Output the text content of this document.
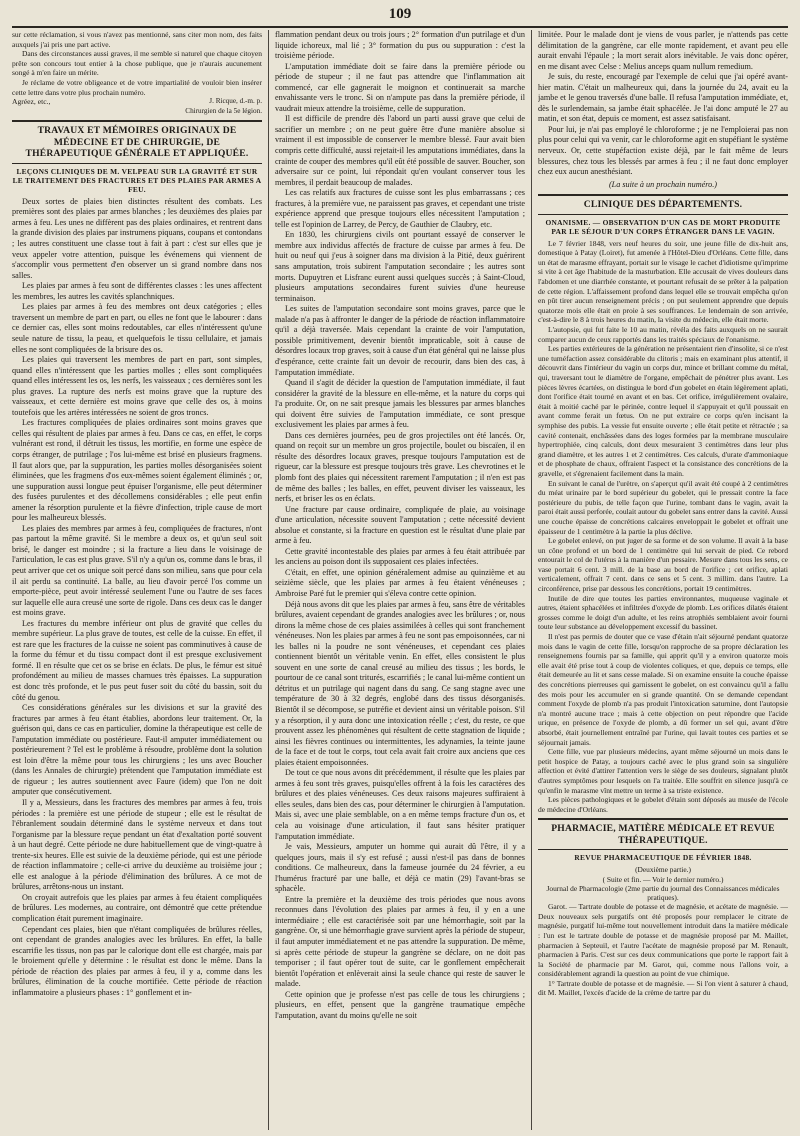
109

sur cette réclamation, si vous n'avez pas mentionné, sans citer mon nom, des faits auxquels j'ai pris une part active.

Dans des circonstances aussi graves, il me semble si naturel que chaque citoyen prête son concours tout entier à la chose publique, que je n'aurais aucunement songé à m'en faire un mérite.

Je réclame de votre obligeance et de votre impartialité de vouloir bien insérer cette lettre dans votre plus prochain numéro.

Agréez, etc.,	J. Ricque, d.-m. p.
Chirurgien de la 5e légion.
TRAVAUX ET MÉMOIRES ORIGINAUX DE MÉDECINE ET DE CHIRURGIE, DE THÉRAPEUTIQUE GÉNÉRALE ET APPLIQUÉE.
LEÇONS CLINIQUES DE M. VELPEAU SUR LA GRAVITÉ ET SUR LE TRAITEMENT DES FRACTURES ET DES PLAIES PAR ARMES A FEU.

Deux sortes de plaies bien distinctes résultent des combats. Les premières sont des plaies par armes blanches ; les deuxièmes des plaies par armes à feu. Les unes ne diffèrent pas des plaies ordinaires, et rentrent dans la grande division des plaies par instrumens piquans, coupans et contondans ; les autres constituent une classe tout à fait à part : c'est sur elles que je veux appeler votre attention, puisque les événemens qui viennent de s'accomplir vous permettent d'en observer un si grand nombre dans nos salles.

Les plaies par armes à feu sont de différentes classes : les unes affectent les membres, les autres les cavités splanchniques.

Les plaies par armes à feu des membres ont deux catégories ; elles traversent un membre de part en part, ou elles ne font que le labourer : dans ce dernier cas, elles sont moins redoutables, car elles n'intéressent qu'une seule nature de tissu, la peau, et quelquefois le tissu cellulaire, et jamais elles ne sont compliquées de la brisure des os.

Les plaies qui traversent les membres de part en part, sont simples, quand elles n'intéressent que les parties molles ; elles sont compliquées quand elles intéressent les os, les nerfs, les vaisseaux ; ces dernières sont les plus graves. La rupture des nerfs est moins grave que la rupture des vaisseaux, et cette dernière est moins grave que celle des os, à moins toutefois que les artères intéressées ne soient de gros troncs.

Les fractures compliquées de plaies ordinaires sont moins graves que celles qui résultent de plaies par armes à feu. Dans ce cas, en effet, le corps vulnérant est rond, il détruit les tissus, les mortifie, en forme une espèce de corps étranger, de putrilage ; l'os lui-même est brisé en plusieurs fragmens. Il faut alors que, par la suppuration, les parties molles désorganisées soient éliminées, que les fragmens d'os eux-mêmes soient également éliminés ; or, une suppuration aussi longue peut épuiser l'organisme, elle peut déterminer des fusées purulentes et des décollemens considérables ; elle peut enfin amener la résorption purulente et la fièvre d'infection, triple cause de mort pour les malheureux blessés.

Les plaies des membres par armes à feu, compliquées de fractures, n'ont pas partout la même gravité. Si le membre a deux os, et qu'un seul soit brisé, le danger est moindre ; si la fracture a lieu dans le voisinage de l'articulation, le cas est plus grave. S'il n'y a qu'un os, comme dans le bras, il peut arriver que cet os unique soit percé dans son milieu, sans que pour cela il ait perdu sa continuité. La balle, au lieu d'avoir percé l'os comme un emporte-pièce, peut avoir intéressé seulement l'une ou l'autre de ses faces sur laquelle elle aura creusé une sorte de rigole. Dans ces deux cas le danger est moins grave.

Les fractures du membre inférieur ont plus de gravité que celles du membre supérieur. La plus grave de toutes, est celle de la cuisse. En effet, il est rare que les fractures de la cuisse ne soient pas comminutives à cause de la forme du fémur et du tissu compact dont il est presque exclusivement formé. Il en résulte que cet os se brise en éclats. De plus, le fémur est situé profondément au milieu de masses charnues très épaisses. La suppuration est donc très profonde, et le pus peut fuser soit du côté du bassin, soit du côté du genou.

Ces considérations générales sur les divisions et sur la gravité des fractures par armes à feu étant établies, abordons leur traitement. Or, la guérison qui, dans ce cas en particulier, domine la thérapeutique est celle de l'amputation immédiate ou postérieure. Faut-il amputer immédiatement ou postérieurement ? Tel est le problème à résoudre, problème dont la solution est loin d'être la même pour tous les chirurgiens ; les uns avec Boucher (dans les Annales de chirurgie) prétendent que l'amputation immédiate est de rigueur ; les autres soutiennent avec Faure (idem) que l'on ne doit amputer que consécutivement.

Il y a, Messieurs, dans les fractures des membres par armes à feu, trois périodes : la première est une période de stupeur ; elle est le résultat de l'ébranlement soudain déterminé dans le système nerveux et dans tout l'organisme par la blessure reçue pendant un état d'exaltation porté souvent à un haut degré. Cette période ne dure habituellement que de vingt-quatre à trente-six heures. Elle est suivie de la deuxième période, qui est une période de réaction inflammatoire ; celle-ci arrive du deuxième au troisième jour ; elle est analogue à la période d'élimination des brûlures. A ce mot de brûlures, arrêtons-nous un instant.

On croyait autrefois que les plaies par armes à feu étaient compliquées de brûlures. Les modernes, au contraire, ont démontré que cette prétendue complication était purement imaginaire.

Cependant ces plaies, bien que n'étant compliquées de brûlures réelles, ont cependant de grandes analogies avec les brûlures. En effet, la balle escarrifie les tissus, non pas par le calorique dont elle est chargée, mais par le broiement qu'elle y détermine : le résultat est donc le même. Dans la période de réaction des plaies par armes à feu, il y a, comme dans les brûlures, élimination de la couche mortifiée. Cette période de réaction inflammatoire a plusieurs phases : 1° gonflement et in-

flammation pendant deux ou trois jours ; 2° formation d'un putrilage et d'un liquide ichoreux, mal lié ; 3° formation du pus ou suppuration : c'est la troisième période.

L'amputation immédiate doit se faire dans la première période ou période de stupeur ; il ne faut pas attendre que l'inflammation ait commencé, car elle gagnerait le moignon et continuerait sa marche envahissante vers le tronc. Si on n'ampute pas dans la première période, il vaudrait mieux attendre la troisième, celle de suppuration.

Il est difficile de prendre dès l'abord un parti aussi grave que celui de sacrifier un membre ; on ne peut guère être d'une manière absolue si vraiment il est impossible de conserver le membre blessé. Faur avait bien compris cette difficulté, aussi rejetait-il les amputations immédiates, dans la crainte de couper des membres qu'il eût été possible de sauver. Boucher, son adversaire sur ce point, lui répondait qu'en voulant conserver tous les membres, il perdait beaucoup de malades.

Les cas relatifs aux fractures de cuisse sont les plus embarrassans ; ces fractures, à la première vue, ne paraissent pas graves, et cependant une triste expérience apprend que presque toujours elles nécessitent l'amputation ; telle est l'opinion de Larrey, de Percy, de Gauthier de Claubry, etc.

En 1830, les chirurgiens civils ont pourtant essayé de conserver le membre aux individus affectés de fracture de cuisse par armes à feu. De huit ou neuf qui j'eus à soigner dans ma division à la Pitié, deux guérirent sans amputation, trois subirent l'amputation secondaire ; les autres sont morts. Dupuytren et Lisfranc eurent aussi quelques succès ; à Saint-Cloud, plusieurs amputations secondaires furent suivies d'une heureuse terminaison.

Les suites de l'amputation secondaire sont moins graves, parce que le malade n'a pas à affronter le danger de la période de réaction inflammatoire qu'il a déjà traversée. Mais cependant la crainte de voir l'amputation, possible primitivement, devenir bientôt impraticable, soit à cause de désordres locaux trop graves, soit à cause d'un état général qui ne laisse plus d'espérance, cette crainte fait un devoir de recourir, dans bien des cas, à l'amputation immédiate.

Quand il s'agit de décider la question de l'amputation immédiate, il faut considérer la gravité de la blessure en elle-même, et la nature du corps qui l'a produite. Or, on ne sait presque jamais les blessures par armes blanches qui doivent être suivies de l'amputation immédiate, ce sont presque exclusivement les plaies par armes à feu.

Dans ces dernières journées, peu de gros projectiles ont été lancés. Or, quand on reçoit sur un membre un gros projectile, boulet ou biscaïen, il en résulte des désordres locaux graves, presque toujours l'amputation est de rigueur, car la blessure est presque toujours très grave. Les chevrotines et le plomb font des plaies qui nécessitent rarement l'amputation ; il n'en est pas de même des balles ; les balles, en effet, peuvent diviser les vaisseaux, les nerfs, et briser les os en éclats.

Une fracture par cause ordinaire, compliquée de plaie, au voisinage d'une articulation, nécessite souvent l'amputation ; cette nécessité devient absolue et constante, si la fracture en question est le résultat d'une plaie par arme à feu.

Cette gravité incontestable des plaies par armes à feu était attribuée par les anciens au poison dont ils supposaient ces plaies infectées.

C'était, en effet, une opinion généralement admise au quinzième et au seizième siècle, que les plaies par armes à feu étaient vénéneuses ; Ambroise Paré fut le premier qui s'éleva contre cette opinion.

Déjà nous avons dit que les plaies par armes à feu, sans être de véritables brûlures, avaient cependant de grandes analogies avec les brûlures ; or, nous dirons la même chose de ces plaies assimilées à celles qui sont franchement vénéneuses. Non les plaies par armes à feu ne sont pas empoisonnées, car ni les balles ni la poudre ne sont vénéneuses, et cependant ces plaies contiennent bientôt un véritable venin. En effet, elles consistent le plus souvent en une sorte de canal creusé au milieu des tissus ; les bords, le pourtour de ce canal sont triturés, escarrifiés ; le canal lui-même contient un détritus et un putrilage qui nagent dans du sang. Ce sang stagne avec une température de 30 à 32 degrés, englobé dans des tissus désorganisés. Bientôt il se décompose, se putréfie et devient ainsi un véritable poison. S'il y a résorption, il y aura donc une intoxication réelle ; c'est, du reste, ce que prouvent assez les phénomènes qui résultent de cette stagnation de liquide ; ainsi les fièvres continues ou intermittentes, les adynamies, la teinte jaune de la face et de tout le corps, tout cela avait fait croire aux anciens que ces plaies étaient empoisonnées.

De tout ce que nous avons dit précédemment, il résulte que les plaies par armes à feu sont très graves, puisqu'elles offrent à la fois les caractères des brûlures et des plaies vénéneuses. Ces deux raisons majeures suffiraient à elles seules, dans bien des cas, pour déterminer le chirurgien à l'amputation. Mais si, avec une plaie semblable, on a en même temps fracture d'un os, et cela au voisinage d'une articulation, il faut sans hésiter pratiquer l'amputation immédiate.

Je vais, Messieurs, amputer un homme qui aurait dû l'être, il y a quelques jours, mais il s'y est refusé ; aussi n'est-il pas dans de bonnes conditions. Ce malheureux, dans la fameuse journée du 24 février, a eu l'humérus fracturé par une balle, et déjà ce matin (29) l'avant-bras se sphacèle.

Entre la première et la deuxième des trois périodes que nous avons reconnues dans l'évolution des plaies par armes à feu, il y en a une intermédiaire ; elle est caractérisée soit par une hémorrhagie, soit par la gangrène. Or, si une hémorrhagie grave survient après la période de stupeur, il faut amputer immédiatement et ne pas attendre la suppuration. De même, si après cette période de stupeur la gangrène se déclare, on ne doit pas temporiser ; il faut opérer tout de suite, car le gonflement empêcherait bientôt l'opération et enlèverait ainsi la seule chance qui reste de sauver le malade.

Cette opinion que je professe n'est pas celle de tous les chirurgiens ; plusieurs, en effet, pensent que la gangrène traumatique empêche l'amputation, avant du moins qu'elle ne soit

limitée. Pour le malade dont je viens de vous parler, je n'attends pas cette délimitation de la gangrène, car elle monte rapidement, et avant peu elle aurait envahi l'épaule ; la mort serait alors inévitable. Je vais donc opérer, en me disant avec Celse : Melius anceps quam nullum remedium.

Je suis, du reste, encouragé par l'exemple de celui que j'ai opéré avant-hier matin. C'était un malheureux qui, dans la journée du 24, avait eu la jambe et le genou traversés d'une balle. Il refusa l'amputation immédiate, et, dès le surlendemain, sa jambe était sphacélée. Je l'ai donc amputé le 27 au matin, et son état, depuis ce moment, est assez satisfaisant.

Pour lui, je n'ai pas employé le chloroforme ; je ne l'emploierai pas non plus pour celui qui va venir, car le chloroforme agit en stupéfiant le système nerveux. Or, cette stupéfaction existe déjà, par le fait même de leurs blessures, chez tous les blessés par armes à feu ; il ne faut donc employer chez eux aucun anesthésiant.

(La suite à un prochain numéro.)
CLINIQUE DES DÉPARTEMENTS.
ONANISME. — OBSERVATION D'UN CAS DE MORT PRODUITE PAR LE SÉJOUR D'UN CORPS ÉTRANGER DANS LE VAGIN.

Le 7 février 1848, vers neuf heures du soir, une jeune fille de dix-huit ans, domestique à Patay (Loiret), fut amenée à l'Hôtel-Dieu d'Orléans. Cette fille, dans un état de marasme effrayant, portait sur le visage le cachet d'idiotisme qu'imprime si vite à cet âge l'habitude de la masturbation. Elle accusait de vives douleurs dans l'abdomen et une diarrhée constante, et pourtant refusait de se prêter à la palpation de cette région. L'affaissement profond dans lequel elle se trouvait empêcha qu'on en pût tirer aucun renseignement précis ; on put seulement apprendre que depuis quatorze mois elle était en proie à ses souffrances. Le lendemain de son arrivée, c'est-à-dire le 8 à trois heures du matin, la visite du médecin, elle était morte.

L'autopsie, qui fut faite le 10 au matin, révéla des faits auxquels on ne saurait comparer aucun de ceux rapportés dans les traités spéciaux de l'onanisme.

Les parties extérieures de la génération ne présentaient rien d'insolite, si ce n'est une tuméfaction assez considérable du clitoris ; mais en examinant plus attentif, il découvrit dans l'intérieur du vagin un corps dur, mince et brillant comme du métal, qui, traversant tout le diamètre de l'organe, empêchait de pénétrer plus avant. Les pièces lèvres écartées, on distingua le bord d'un gobelet en étain légèrement aplati, dont l'orifice était tourné en avant et en bas. Cet orifice, irrégulièrement ovalaire, était à moitié caché par le périnée, contre lequel il s'appuyait et qu'il poussait en avant comme ferait un fœtus. On ne put extraire ce corps qu'en incisant la symphise des pubis. La vessie fut ensuite ouverte ; elle était petite et rétractée ; sa cavité contenait, enchâssées dans des loges formées par la membrane musculaire hypertrophiée, cinq calculs, dont deux mesuraient 3 centimètres dans leur plus grand diamètre, et les autres 1 et 2 centimètres. Ces calculs, d'urate d'ammoniaque et de phosphate de chaux, offraient l'aspect et la consistance des concrétions de la gravelle, et s'égrenaient facilement dans la main.

En suivant le canal de l'urètre, on s'aperçut qu'il avait été coupé à 2 centimètres du méat urinaire par le bord supérieur du gobelet, qui le pressait contre la face postérieure du pubis, de telle façon que l'urine, tombant dans le vagin, avait la paroi était aussi perforée, coulait autour du gobelet sans entrer dans la cavité. Aussi une couche épaisse de concrétions calcaires enveloppait le gobelet et offrait une épaisseur de 1 centimètre à la partie la plus déclive.

Le gobelet enlevé, on put juger de sa forme et de son volume. Il avait à la base un cône profond et un bord de 1 centimètre qui lui servait de pied. Ce rebord entourait le col de l'utérus à la manière d'un pessaire. Mesure dans tous les sens, ce vase portait 6 cent. 3 mill. de la base au bord de l'orifice ; cet orifice, aplati verticalement, offrait 7 cent. dans ce sens et 5 cent. 3 millim. dans l'autre. La circonférence, prise par dessous les concrétions, portait 19 centimètres.

Inutile de dire que toutes les parties environnantes, muqueuse vaginale et autres, étaient sphacélées et infiltrées d'oxyde de plomb. Les orifices dilatés étaient grosses comme le doigt d'un adulte, et les reins atrophiés semblaient avoir fourni toute leur substance au développement excessif du bassinet.

Il n'est pas permis de douter que ce vase d'étain n'ait séjourné pendant quatorze mois dans le vagin de cette fille, lorsqu'on rapproche de sa propre déclaration les renseignemens fournis par sa famille, qui apprit qu'il y a environ quatorze mois elle avait été prise tout à coup de violentes coliques, et que, depuis ce temps, elle était demeurée au lit et sans cesse malade. Si on examine ensuite la couche épaisse des concrétions pierreuses qui garnissent le gobelet, on est convaincu qu'il a fallu des mois pour les accumuler en si grande quantité. On se demande cependant comment l'oxyde de plomb n'a pas produit l'intoxication saturnine, dont l'autopsie n'a montré aucune trace ; mais à cette objection on peut répondre que l'acide urique, en présence de l'oxyde de plomb, a dû former un sel qui, avant d'être absorbé, était journellement entraîné par l'urine, qui lavait toutes ces parties et se séjournait jamais.

Cette fille, vue par plusieurs médecins, ayant même séjourné un mois dans le petit hospice de Patay, a toujours caché avec le plus grand soin sa singulière affection et évité d'attirer l'attention vers le siège de ses douleurs, signalant plutôt d'autres symptômes pour lesquels on l'a traitée. Elle souffrit en silence jusqu'à ce qu'enfin le marasme vînt mettre un terme à sa triste existence.

Les pièces pathologiques et le gobelet d'étain sont déposés au musée de l'école de médecine d'Orléans.

PHARMACIE, MATIÈRE MÉDICALE ET REVUE THÉRAPEUTIQUE.
REVUE PHARMACEUTIQUE DE FÉVRIER 1848.
(Deuxième partie.)
( Suite et fin. — Voir le dernier numéro.)
Journal de Pharmacologie (2me partie du journal des Connaissances médicales pratiques).

Garot. — Tartrate double de potasse et de magnésie, et acétate de magnésie. — Deux nouveaux sels purgatifs ont été proposés pour remplacer le citrate de magnésie, purgatif lui-même tout nouvellement introduit dans la matière médicale : l'un est le tartrate double de potasse et de magnésie proposé par M. Maillet, pharmacien à Septeuil, et l'autre l'acétate de magnésie proposé par M. Renault, pharmacien à Paris. C'est sur ces deux communications que porte le rapport fait à la Société de pharmacie par M. Garot, qui, comme nous l'allons voir, a considérablement agrandi la question au point de vue chimique.

1° Tartrate double de potasse et de magnésie. — Si l'on vient à saturer à chaud, dit M. Maillet, l'excès d'acide de la crème de tartre par du
